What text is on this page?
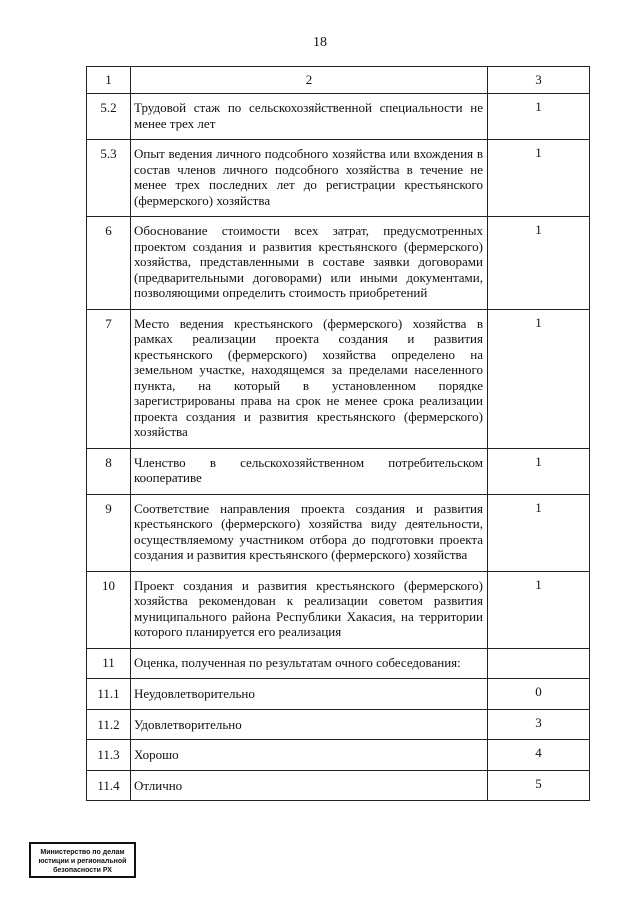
18
1	2	3
5.2	Трудовой стаж по сельскохозяйственной специальности не менее трех лет	1
5.3	Опыт ведения личного подсобного хозяйства или вхождения в состав членов личного подсобного хозяйства в течение не менее трех последних лет до регистрации крестьянского (фермерского) хозяйства	1
6	Обоснование стоимости всех затрат, предусмотренных проектом создания и развития крестьянского (фермерского) хозяйства, представленными в составе заявки договорами (предварительными договорами) или иными документами, позволяющими определить стоимость приобретений	1
7	Место ведения крестьянского (фермерского) хозяйства в рамках реализации проекта создания и развития крестьянского (фермерского) хозяйства определено на земельном участке, находящемся за пределами населенного пункта, на который в установленном порядке зарегистрированы права на срок не менее срока реализации проекта создания и развития крестьянского (фермерского) хозяйства	1
8	Членство в сельскохозяйственном потребительском кооперативе	1
9	Соответствие направления проекта создания и развития крестьянского (фермерского) хозяйства виду деятельности, осуществляемому участником отбора до подготовки проекта создания и развития крестьянского (фермерского) хозяйства	1
10	Проект создания и развития крестьянского (фермерского) хозяйства рекомендован к реализации советом развития муниципального района Республики Хакасия, на территории которого планируется его реализация	1
11	Оценка, полученная по результатам очного собеседования:	
11.1	Неудовлетворительно	0
11.2	Удовлетворительно	3
11.3	Хорошо	4
11.4	Отлично	5
Министерство по делам
юстиции и региональной
безопасности РХ
